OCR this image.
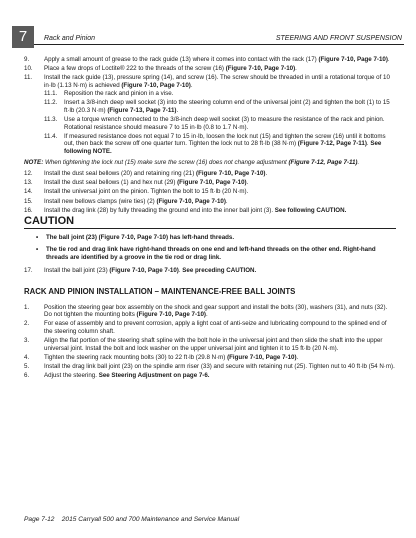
7	Rack and Pinion	STEERING AND FRONT SUSPENSION
9. Apply a small amount of grease to the rack guide (13) where it comes into contact with the rack (17) (Figure 7-10, Page 7-10).
10. Place a few drops of Loctite® 222 to the threads of the screw (16) (Figure 7-10, Page 7-10).
11. Install the rack guide (13), pressure spring (14), and screw (16). The screw should be threaded in until a rotational torque of 10 in·lb (1.13 N·m) is achieved (Figure 7-10, Page 7-10).
11.1. Reposition the rack and pinion in a vise.
11.2. Insert a 3/8-inch deep well socket (3) into the steering column end of the universal joint (2) and tighten the bolt (1) to 15 ft·lb (20.3 N·m) (Figure 7-13, Page 7-11).
11.3. Use a torque wrench connected to the 3/8-inch deep well socket (3) to measure the resistance of the rack and pinion. Rotational resistance should measure 7 to 15 in·lb (0.8 to 1.7 N·m).
11.4. If measured resistance does not equal 7 to 15 in·lb, loosen the lock nut (15) and tighten the screw (16) until it bottoms out, then back the screw off one quarter turn. Tighten the lock nut to 28 ft·lb (38 N·m) (Figure 7-12, Page 7-11). See following NOTE.
NOTE: When tightening the lock nut (15) make sure the screw (16) does not change adjustment (Figure 7-12, Page 7-11).
12. Install the dust seal bellows (20) and retaining ring (21) (Figure 7-10, Page 7-10).
13. Install the dust seal bellows (1) and hex nut (29) (Figure 7-10, Page 7-10).
14. Install the universal joint on the pinion. Tighten the bolt to 15 ft·lb (20 N·m).
15. Install new bellows clamps (wire ties) (2) (Figure 7-10, Page 7-10).
16. Install the drag link (28) by fully threading the ground end into the inner ball joint (3). See following CAUTION.
CAUTION
• The ball joint (23) (Figure 7-10, Page 7-10) has left-hand threads.
• The tie rod and drag link have right-hand threads on one end and left-hand threads on the other end. Right-hand threads are identified by a groove in the tie rod or drag link.
17. Install the ball joint (23) (Figure 7-10, Page 7-10). See preceding CAUTION.
RACK AND PINION INSTALLATION – MAINTENANCE-FREE BALL JOINTS
1. Position the steering gear box assembly on the shock and gear support and install the bolts (30), washers (31), and nuts (32). Do not tighten the mounting bolts (Figure 7-10, Page 7-10).
2. For ease of assembly and to prevent corrosion, apply a light coat of anti-seize and lubricating compound to the splined end of the steering column shaft.
3. Align the flat portion of the steering shaft spline with the bolt hole in the universal joint and then slide the shaft into the upper universal joint. Install the bolt and lock washer on the upper universal joint and tighten it to 15 ft·lb (20 N·m).
4. Tighten the steering rack mounting bolts (30) to 22 ft·lb (29.8 N·m) (Figure 7-10, Page 7-10).
5. Install the drag link ball joint (23) on the spindle arm riser (33) and secure with retaining nut (25). Tighten nut to 40 ft·lb (54 N·m).
6. Adjust the steering. See Steering Adjustment on page 7-6.
Page 7-12 2015 Carryall 500 and 700 Maintenance and Service Manual
